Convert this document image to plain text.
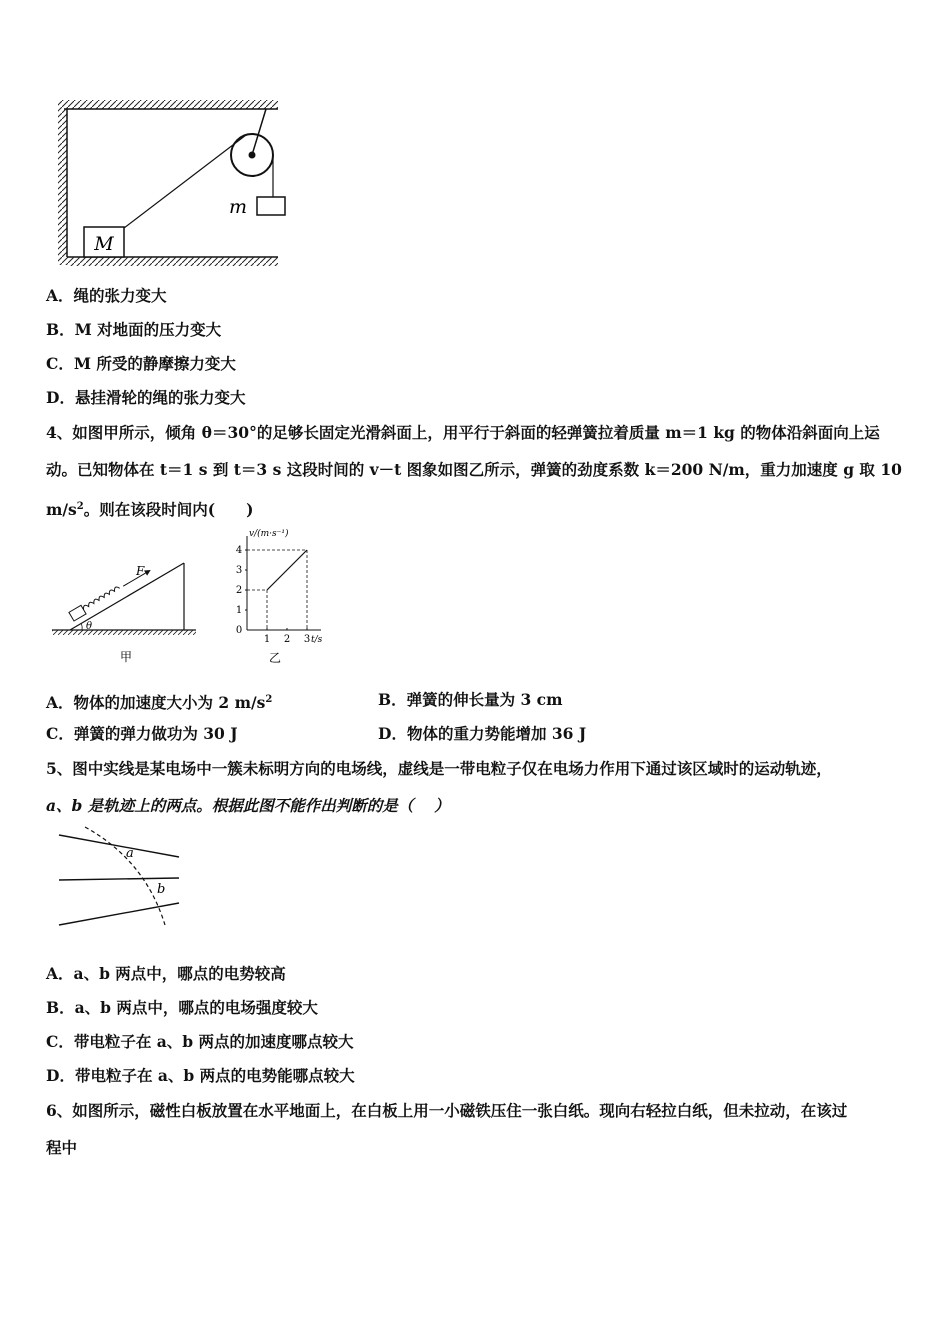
M
m
A．绳的张力变大
B．M 对地面的压力变大
C．M 所受的静摩擦力变大
D．悬挂滑轮的绳的张力变大
4、如图甲所示，倾角 θ＝30°的足够长固定光滑斜面上，用平行于斜面的轻弹簧拉着质量 m＝1 kg 的物体沿斜面向上运
动。已知物体在 t＝1 s 到 t＝3 s 这段时间的 v－t 图象如图乙所示，弹簧的劲度系数 k＝200 N/m，重力加速度 g 取 10
$m/s^2$。则在该段时间内(　　)
F
θ
甲
v/(m·s⁻¹)
t/s
0
1
2
3
4
1 2 3
乙
A．物体的加速度大小为 2 $m/s^2$	B．弹簧的伸长量为 3 cm
C．弹簧的弹力做功为 30 J	D．物体的重力势能增加 36 J
5、图中实线是某电场中一簇未标明方向的电场线，虚线是一带电粒子仅在电场力作用下通过该区域时的运动轨迹，
a、b 是轨迹上的两点。根据此图不能作出判断的是（　 ）
a
b
A．a、b 两点中，哪点的电势较高
B．a、b 两点中，哪点的电场强度较大
C．带电粒子在 a、b 两点的加速度哪点较大
D．带电粒子在 a、b 两点的电势能哪点较大
6、如图所示，磁性白板放置在水平地面上，在白板上用一小磁铁压住一张白纸。现向右轻拉白纸，但未拉动，在该过
程中
